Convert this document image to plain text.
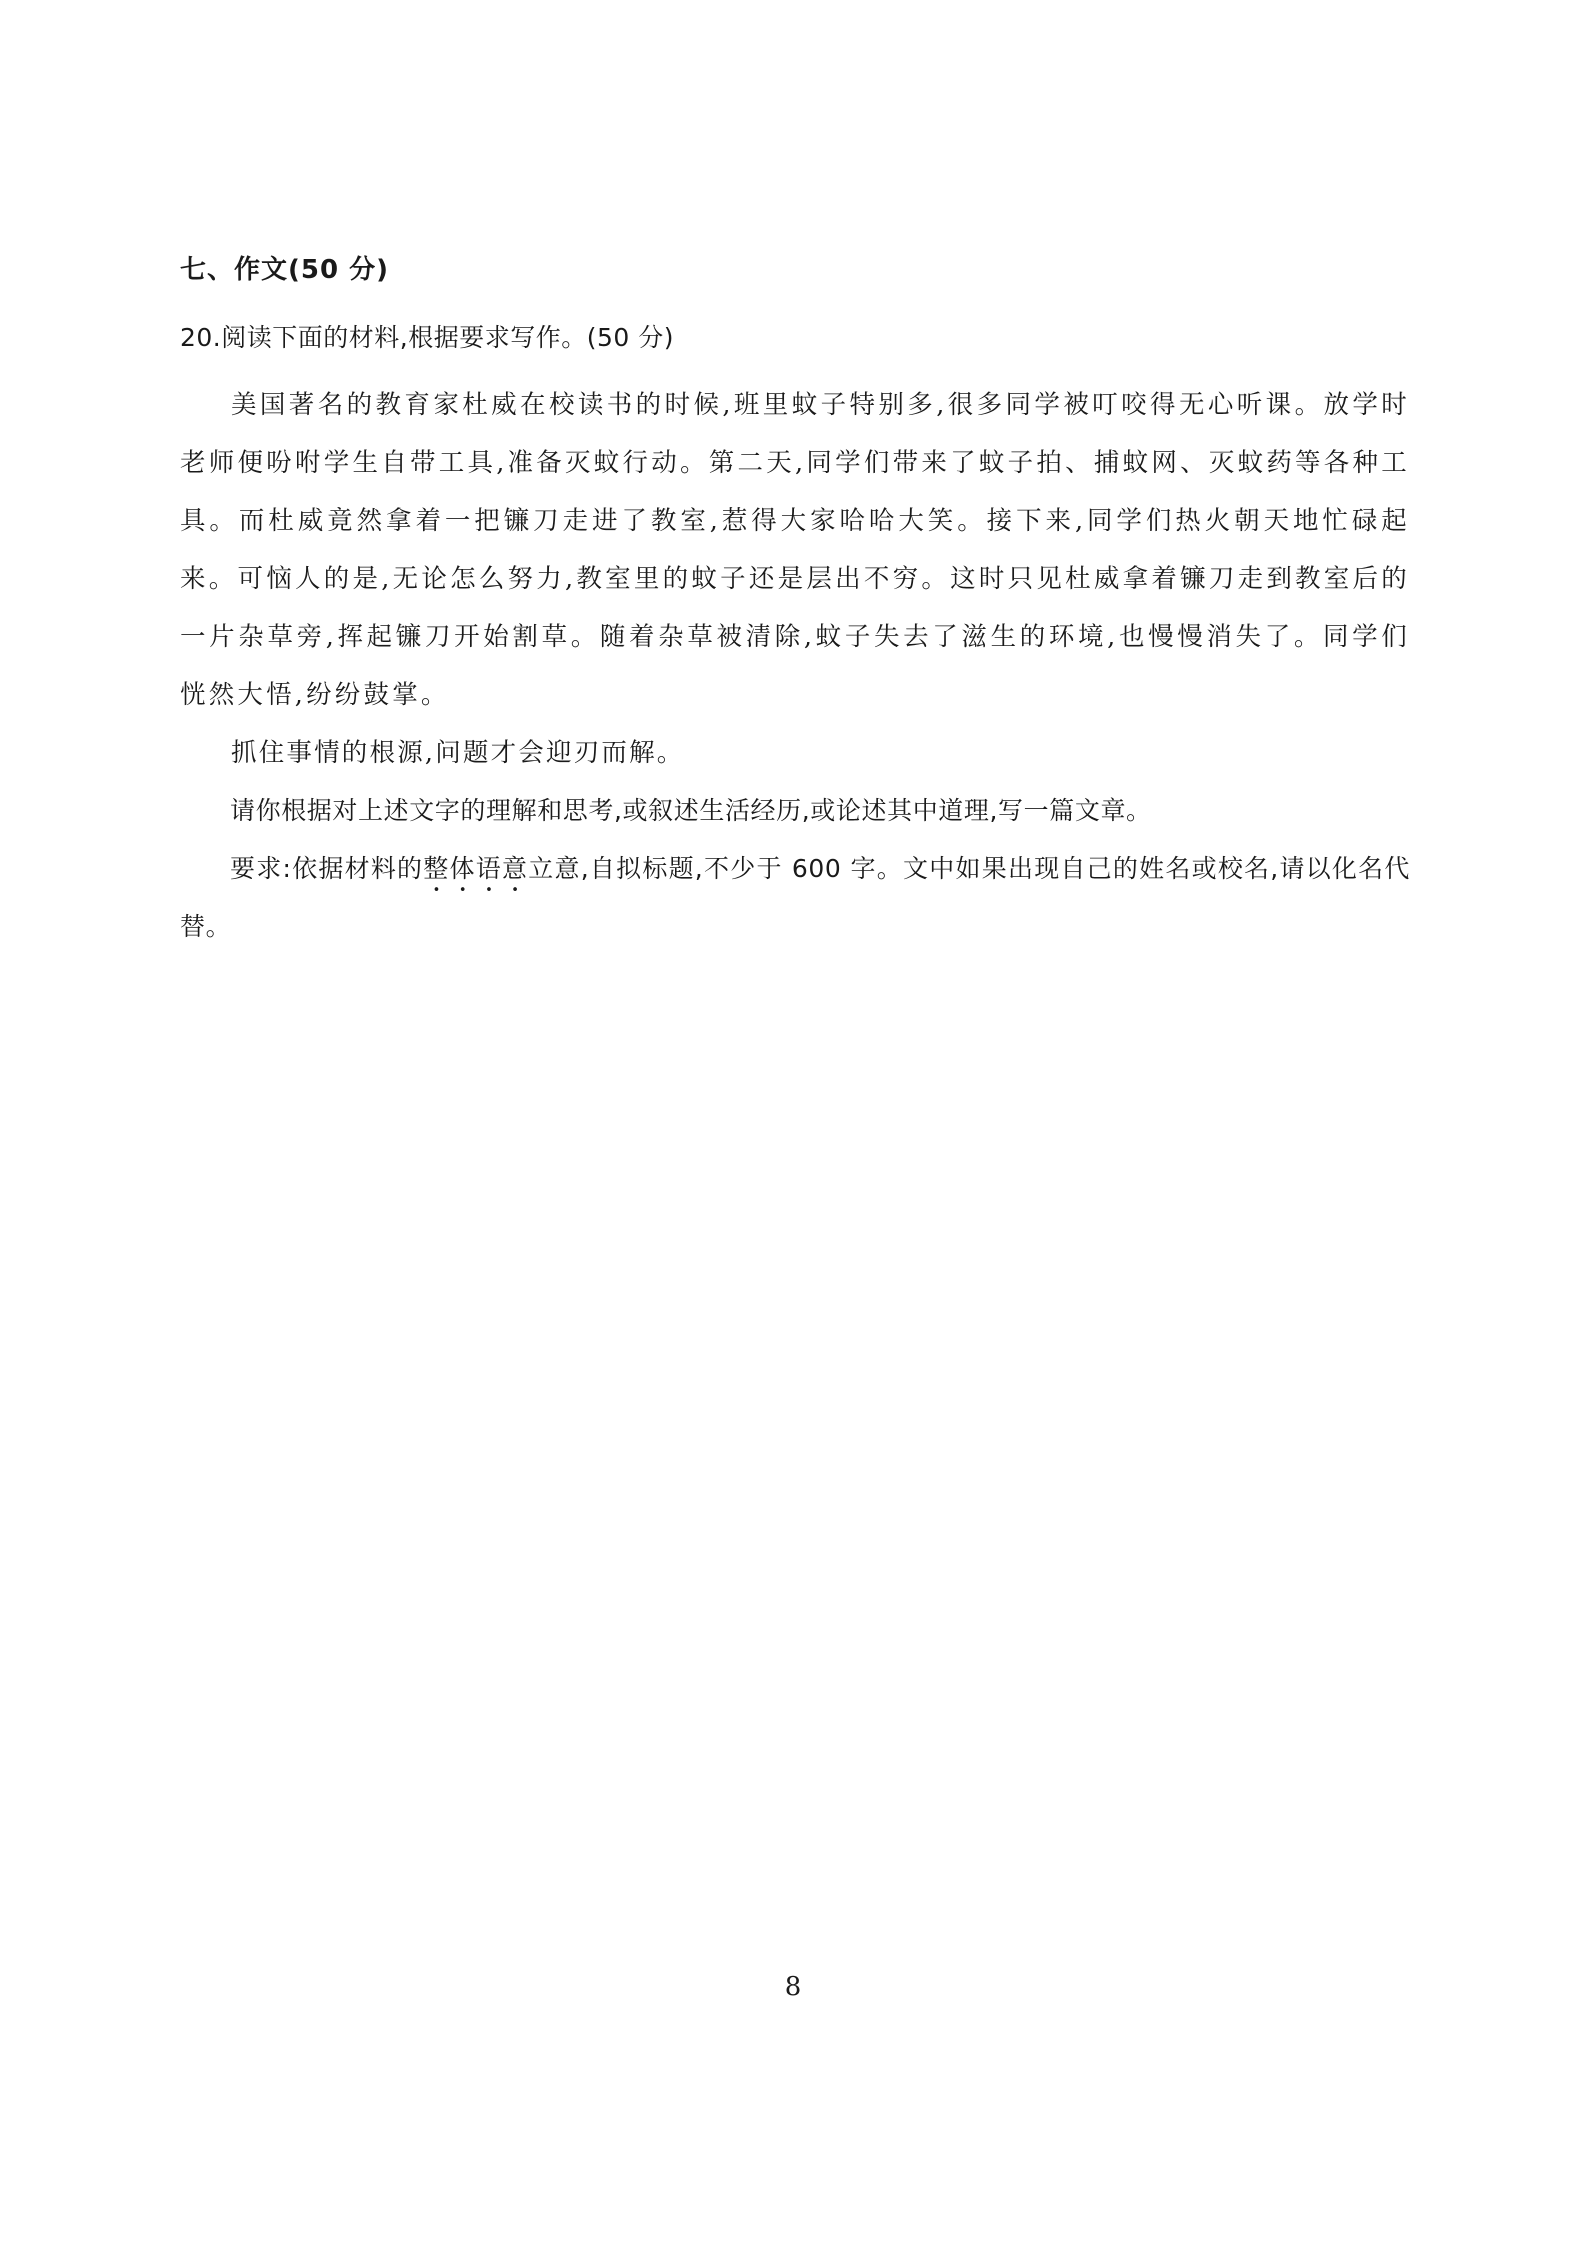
七、作文(50 分)
20.阅读下面的材料,根据要求写作。(50 分)

美国著名的教育家杜威在校读书的时候,班里蚊子特别多,很多同学被叮咬得无心听课。放学时老师便吩咐学生自带工具,准备灭蚊行动。第二天,同学们带来了蚊子拍、捕蚊网、灭蚊药等各种工具。而杜威竟然拿着一把镰刀走进了教室,惹得大家哈哈大笑。接下来,同学们热火朝天地忙碌起来。可恼人的是,无论怎么努力,教室里的蚊子还是层出不穷。这时只见杜威拿着镰刀走到教室后的一片杂草旁,挥起镰刀开始割草。随着杂草被清除,蚊子失去了滋生的环境,也慢慢消失了。同学们恍然大悟,纷纷鼓掌。

抓住事情的根源,问题才会迎刃而解。

请你根据对上述文字的理解和思考,或叙述生活经历,或论述其中道理,写一篇文章。

要求:依据材料的整体语意立意,自拟标题,不少于 600 字。文中如果出现自己的姓名或校名,请以化名代替。

8
